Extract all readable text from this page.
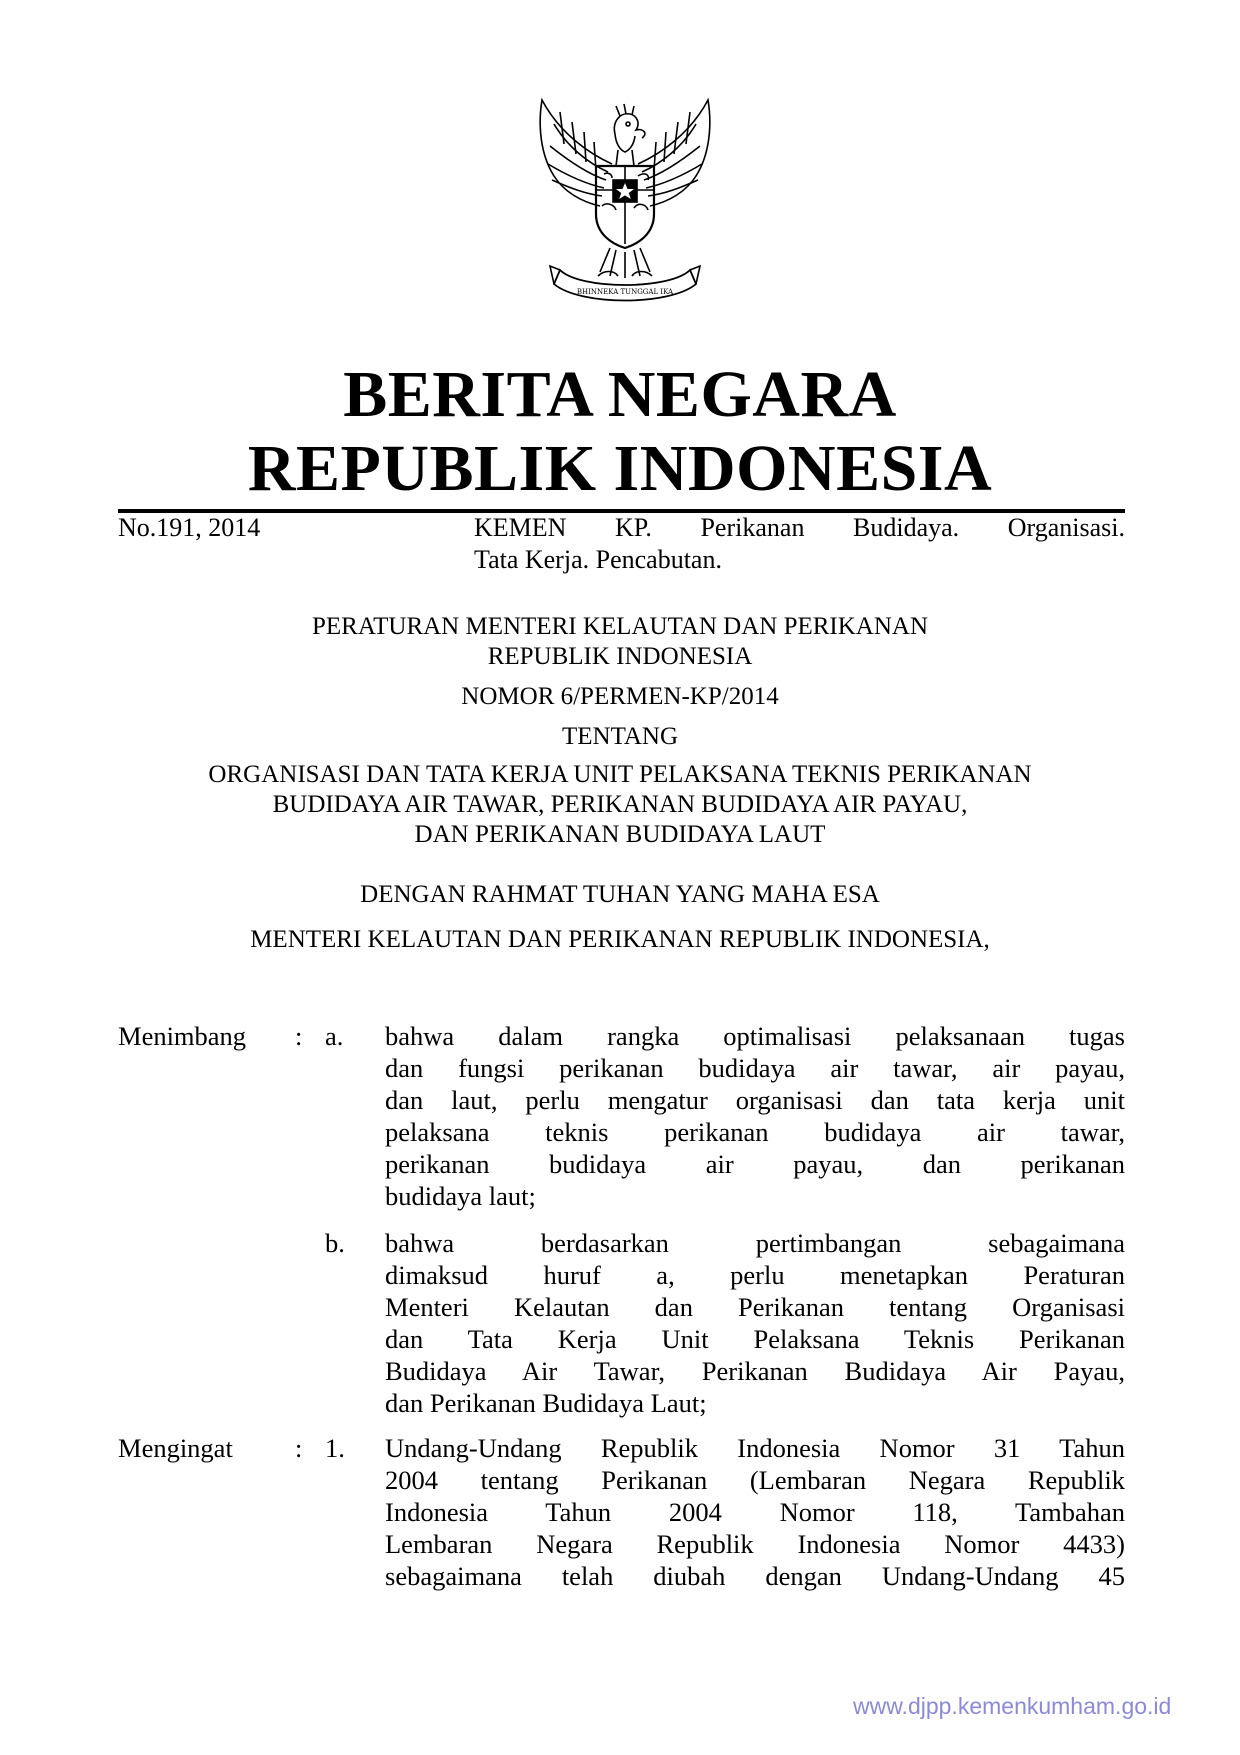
BHINNEKA TUNGGAL IKA
BERITA NEGARA
REPUBLIK INDONESIA
No.191, 2014	KEMEN KP. Perikanan Budidaya. Organisasi.
Tata Kerja. Pencabutan.
PERATURAN MENTERI KELAUTAN DAN PERIKANAN
REPUBLIK INDONESIA
NOMOR 6/PERMEN-KP/2014
TENTANG
ORGANISASI DAN TATA KERJA UNIT PELAKSANA TEKNIS PERIKANAN
BUDIDAYA AIR TAWAR, PERIKANAN BUDIDAYA AIR PAYAU,
DAN PERIKANAN BUDIDAYA LAUT
DENGAN RAHMAT TUHAN YANG MAHA ESA
MENTERI KELAUTAN DAN PERIKANAN REPUBLIK INDONESIA,
Menimbang : a. bahwa dalam rangka optimalisasi pelaksanaan tugas
dan fungsi perikanan budidaya air tawar, air payau,
dan laut, perlu mengatur organisasi dan tata kerja unit
pelaksana teknis perikanan budidaya air tawar,
perikanan budidaya air payau, dan perikanan
budidaya laut;
b. bahwa berdasarkan pertimbangan sebagaimana
dimaksud huruf a, perlu menetapkan Peraturan
Menteri Kelautan dan Perikanan tentang Organisasi
dan Tata Kerja Unit Pelaksana Teknis Perikanan
Budidaya Air Tawar, Perikanan Budidaya Air Payau,
dan Perikanan Budidaya Laut;
Mengingat : 1. Undang-Undang Republik Indonesia Nomor 31 Tahun
2004 tentang Perikanan (Lembaran Negara Republik
Indonesia Tahun 2004 Nomor 118, Tambahan
Lembaran Negara Republik Indonesia Nomor 4433)
sebagaimana telah diubah dengan Undang-Undang 45
www.djpp.kemenkumham.go.id
